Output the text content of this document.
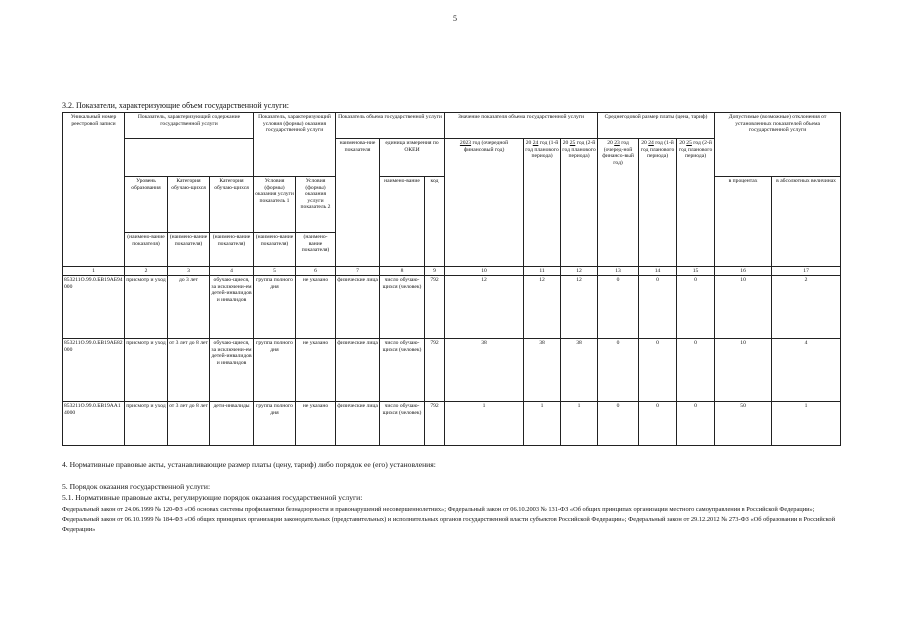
5
3.2. Показатели, характеризующие объем государственной услуги:
Уникальный номер реестровой записи	Показатель, характеризующий содержание государственной услуги			Показатель, характеризующий условия (формы) оказания государственной услуги		Показатель объема государственной услуги			Значение показателя объема государственной услуги			Среднегодовой размер платы (цена, тариф)			Допустимые (возможные) отклонения от установленных показателей объема государственной услуги	
						наименова-ние показателя	единица измерения по ОКЕИ		2023 год (очередной финансовый год)	20 24 год (1-й год планового периода)	20 25 год (2-й год планового периода)	20 23 год (очеред-ной финансо-вый год)	20 24 год (1-й год планового периода)	20 25 год (2-й год планового периода)		
	Уровень образования	Категория обучаю-щихся	Категория обучаю-щихся	Условия (формы) оказания услуги показатель 1	Условия (формы) оказания услуги показатель 2		наимено-вание	код							в процентах	в абсолютных величинах
	(наимено-вание показателя)	(наимено-вание показателя)	(наимено-вание показателя)	(наимено-вание показателя)	(наимено-вание показателя)											
1	2	3	4	5	6	7	8	9	10	11	12	13	14	15	16	17
853211О.99.0.БВ19АБ94000	присмотр и уход	до 3 лет	обучаю-щиеся, за исключени-ем детей-инвалидов и инвалидов	группа полного дня	не указано	физические лица	число обучаю-щихся (человек)	792	12	12	12	0	0	0	10	2
853211О.99.0.БВ19АБ82000	присмотр и уход	от 3 лет до 8 лет	обучаю-щиеся, за исключени-ем детей-инвалидов и инвалидов	группа полного дня	не указано	физические лица	число обучаю-щихся (человек)	792	38	38	38	0	0	0	10	4
853211О.99.0.БВ19АА14000	присмотр и уход	от 3 лет до 8 лет	дети-инвалиды	группа полного дня	не указано	физические лица	число обучаю-щихся (человек)	792	1	1	1	0	0	0	50	1
4. Нормативные правовые акты, устанавливающие размер платы (цену, тариф) либо порядок ее (его) установления:
5. Порядок оказания государственной услуги:
5.1. Нормативные правовые акты, регулирующие порядок оказания государственной услуги:
Федеральный закон от 24.06.1999 № 120-ФЗ «Об основах системы профилактики безнадзорности и правонарушений несовершеннолетних»; Федеральный закон от 06.10.2003 № 131-ФЗ «Об общих принципах организации местного самоуправления в Российской Федерации»; Федеральный закон от 06.10.1999 № 184-ФЗ «Об общих принципах организации законодательных (представительных) и исполнительных органов государственной власти субъектов Российской Федерации»; Федеральный закон от 29.12.2012 № 273-ФЗ «Об образовании в Российской Федерации»
